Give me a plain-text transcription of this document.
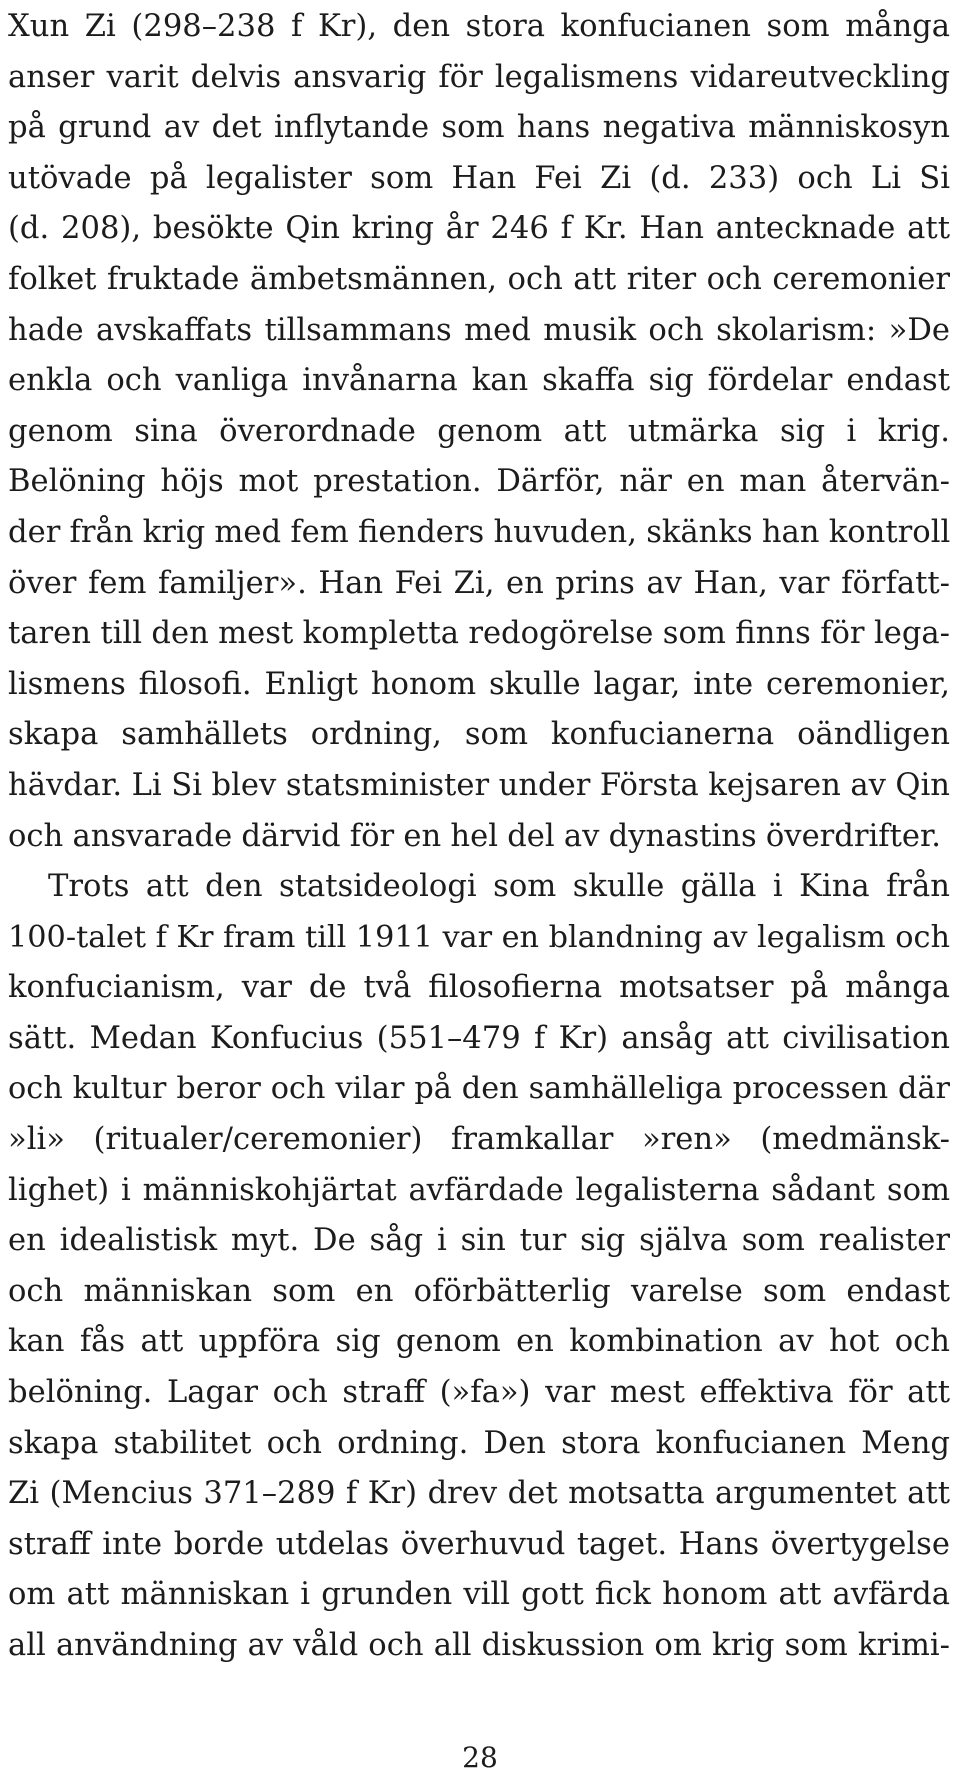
Xun Zi (298–238 f Kr), den stora konfucianen som många
anser varit delvis ansvarig för legalismens vidareutveckling
på grund av det inflytande som hans negativa människosyn
utövade på legalister som Han Fei Zi (d. 233) och Li Si
(d. 208), besökte Qin kring år 246 f Kr. Han antecknade att
folket fruktade ämbetsmännen, och att riter och ceremonier
hade avskaffats tillsammans med musik och skolarism: »De
enkla och vanliga invånarna kan skaffa sig fördelar endast
genom sina överordnade genom att utmärka sig i krig.
Belöning höjs mot prestation. Därför, när en man återvän-
der från krig med fem fienders huvuden, skänks han kontroll
över fem familjer». Han Fei Zi, en prins av Han, var författ-
taren till den mest kompletta redogörelse som finns för lega-
lismens filosofi. Enligt honom skulle lagar, inte ceremonier,
skapa samhällets ordning, som konfucianerna oändligen
hävdar. Li Si blev statsminister under Första kejsaren av Qin
och ansvarade därvid för en hel del av dynastins överdrifter.
Trots att den statsideologi som skulle gälla i Kina från
100-talet f Kr fram till 1911 var en blandning av legalism och
konfucianism, var de två filosofierna motsatser på många
sätt. Medan Konfucius (551–479 f Kr) ansåg att civilisation
och kultur beror och vilar på den samhälleliga processen där
»li» (ritualer/ceremonier) framkallar »ren» (medmänsk-
lighet) i människohjärtat avfärdade legalisterna sådant som
en idealistisk myt. De såg i sin tur sig själva som realister
och människan som en oförbätterlig varelse som endast
kan fås att uppföra sig genom en kombination av hot och
belöning. Lagar och straff (»fa») var mest effektiva för att
skapa stabilitet och ordning. Den stora konfucianen Meng
Zi (Mencius 371–289 f Kr) drev det motsatta argumentet att
straff inte borde utdelas överhuvud taget. Hans övertygelse
om att människan i grunden vill gott fick honom att avfärda
all användning av våld och all diskussion om krig som krimi-
28
